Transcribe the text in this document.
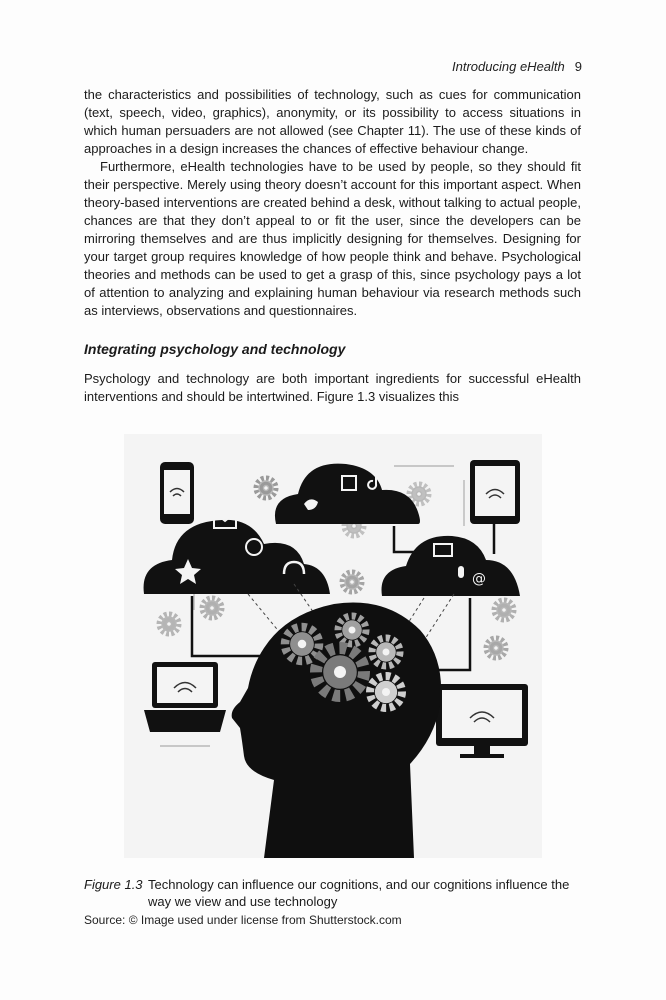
Introducing eHealth 9

the characteristics and possibilities of technology, such as cues for communication (text, speech, video, graphics), anonymity, or its possibility to access situations in which human persuaders are not allowed (see Chapter 11). The use of these kinds of approaches in a design increases the chances of effective behaviour change.

Furthermore, eHealth technologies have to be used by people, so they should fit their perspective. Merely using theory doesn’t account for this important aspect. When theory-based interventions are created behind a desk, without talking to actual people, chances are that they don’t appeal to or fit the user, since the developers can be mirroring themselves and are thus implicitly designing for themselves. Designing for your target group requires knowledge of how people think and behave. Psychological theories and methods can be used to get a grasp of this, since psychology pays a lot of attention to analyzing and explaining human behaviour via research methods such as interviews, observations and questionnaires.

Integrating psychology and technology

Psychology and technology are both important ingredients for successful eHealth interventions and should be intertwined. Figure 1.3 visualizes this

@
Figure 1.3 Technology can influence our cognitions, and our cognitions influence the way we view and use technology
Source: © Image used under license from Shutterstock.com
